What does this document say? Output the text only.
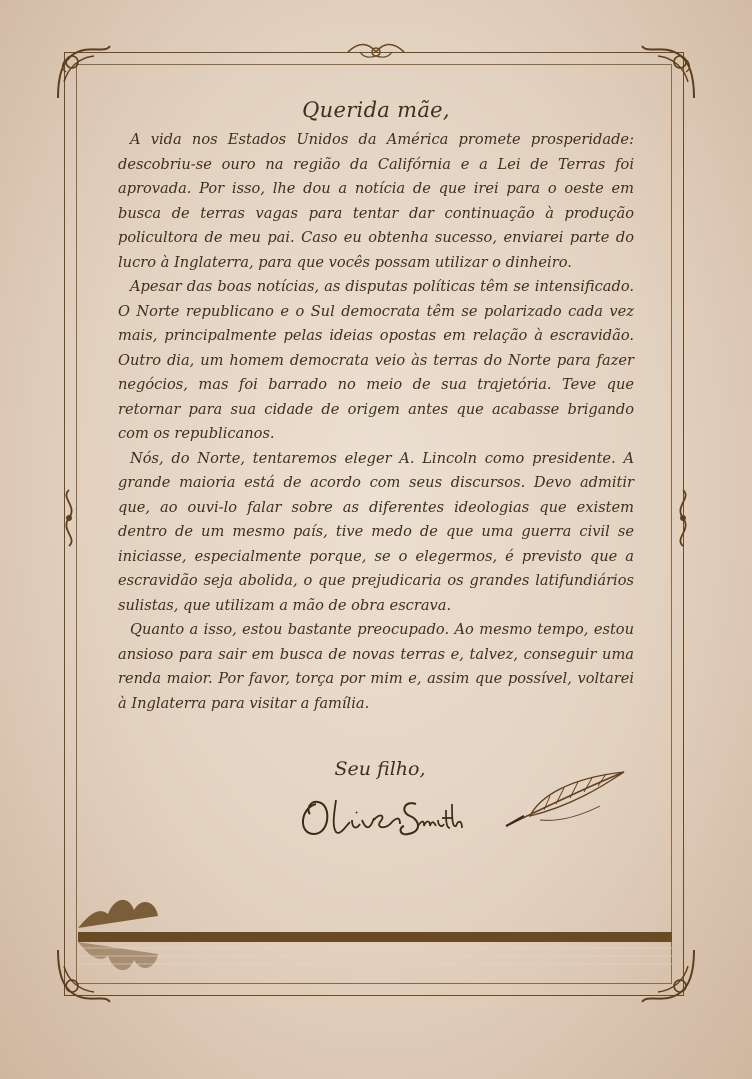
Querida mãe,

A vida nos Estados Unidos da América promete prosperidade: descobriu-se ouro na região da Califórnia e a Lei de Terras foi aprovada. Por isso, lhe dou a notícia de que irei para o oeste em busca de terras vagas para tentar dar continuação à produção policultora de meu pai. Caso eu obtenha sucesso, enviarei parte do lucro à Inglaterra, para que vocês possam utilizar o dinheiro.

Apesar das boas notícias, as disputas políticas têm se intensificado. O Norte republicano e o Sul democrata têm se polarizado cada vez mais, principalmente pelas ideias opostas em relação à escravidão. Outro dia, um homem democrata veio às terras do Norte para fazer negócios, mas foi barrado no meio de sua trajetória. Teve que retornar para sua cidade de origem antes que acabasse brigando com os republicanos.

Nós, do Norte, tentaremos eleger A. Lincoln como presidente. A grande maioria está de acordo com seus discursos. Devo admitir que, ao ouvi-lo falar sobre as diferentes ideologias que existem dentro de um mesmo país, tive medo de que uma guerra civil se iniciasse, especialmente porque, se o elegermos, é previsto que a escravidão seja abolida, o que prejudicaria os grandes latifundiários sulistas, que utilizam a mão de obra escrava.

Quanto a isso, estou bastante preocupado. Ao mesmo tempo, estou ansioso para sair em busca de novas terras e, talvez, conseguir uma renda maior. Por favor, torça por mim e, assim que possível, voltarei à Inglaterra para visitar a família.

Seu filho,
